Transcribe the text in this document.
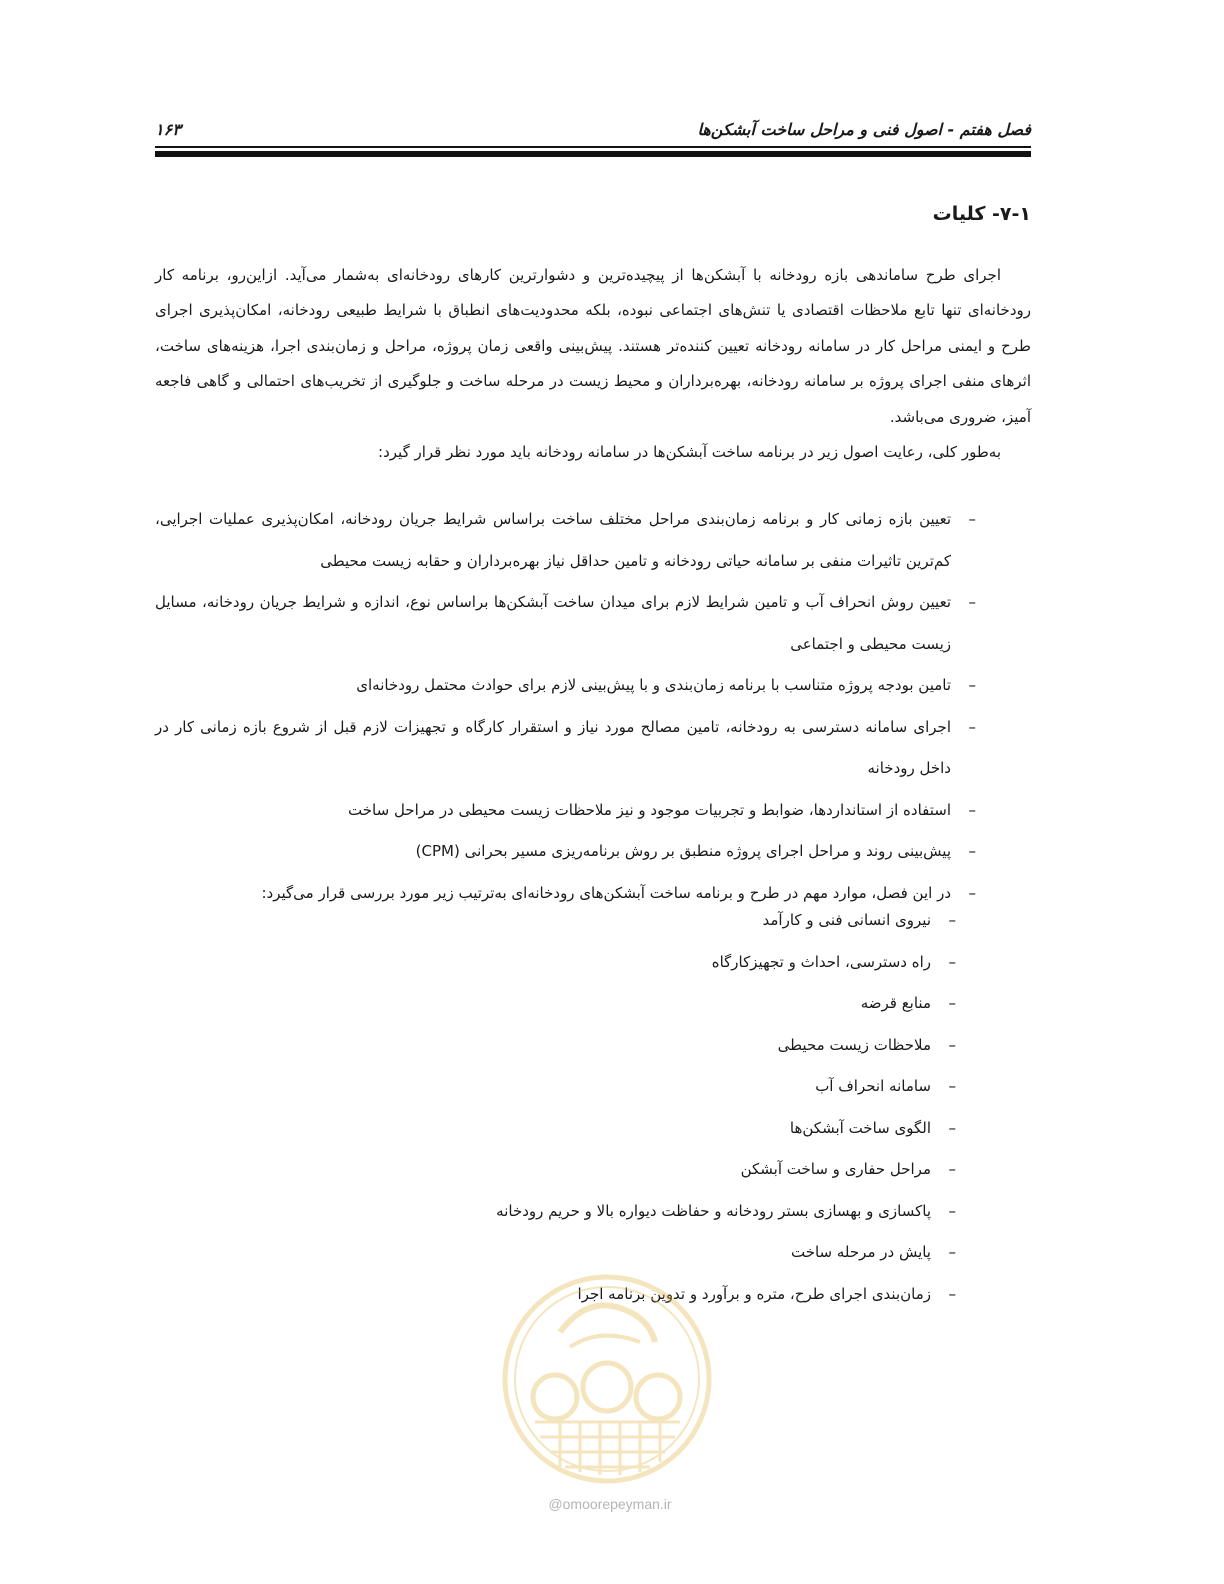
فصل هفتم - اصول فنی و مراحل ساخت آبشکن‌ها
۱۶۳
۷-۱- کلیات

اجرای طرح ساماندهی بازه رودخانه با آبشکن‌ها از پیچیده‌ترین و دشوارترین کارهای رودخانه‌ای به‌شمار می‌آید. ازاین‌رو، برنامه کار رودخانه‌ای تنها تابع ملاحظات اقتصادی یا تنش‌های اجتماعی نبوده، بلکه محدودیت‌های انطباق با شرایط طبیعی رودخانه، امکان‌پذیری اجرای طرح و ایمنی مراحل کار در سامانه رودخانه تعیین کننده‌تر هستند. پیش‌بینی واقعی زمان پروژه، مراحل و زمان‌بندی اجرا، هزینه‌های ساخت، اثرهای منفی اجرای پروژه بر سامانه رودخانه، بهره‌برداران و محیط زیست در مرحله ساخت و جلوگیری از تخریب‌های احتمالی و گاهی فاجعه آمیز، ضروری می‌باشد.

به‌طور کلی، رعایت اصول زیر در برنامه ساخت آبشکن‌ها در سامانه رودخانه باید مورد نظر قرار گیرد:

–
تعیین بازه زمانی کار و برنامه زمان‌بندی مراحل مختلف ساخت براساس شرایط جریان رودخانه، امکان‌پذیری عملیات اجرایی، کم‌ترین تاثیرات منفی بر سامانه حیاتی رودخانه و تامین حداقل نیاز بهره‌برداران و حقابه زیست محیطی
–
تعیین روش انحراف آب و تامین شرایط لازم برای میدان ساخت آبشکن‌ها براساس نوع، اندازه و شرایط جریان رودخانه، مسایل زیست محیطی و اجتماعی
–
تامین بودجه پروژه متناسب با برنامه زمان‌بندی و با پیش‌بینی لازم برای حوادث محتمل رودخانه‌ای
–
اجرای سامانه دسترسی به رودخانه، تامین مصالح مورد نیاز و استقرار کارگاه و تجهیزات لازم قبل از شروع بازه زمانی کار در داخل رودخانه
–
استفاده از استانداردها، ضوابط و تجربیات موجود و نیز ملاحظات زیست محیطی در مراحل ساخت
–
پیش‌بینی روند و مراحل اجرای پروژه منطبق بر روش برنامه‌ریزی مسیر بحرانی (CPM)
–
در این فصل، موارد مهم در طرح و برنامه ساخت آبشکن‌های رودخانه‌ای به‌ترتیب زیر مورد بررسی قرار می‌گیرد:
–
نیروی انسانی فنی و کارآمد
–
راه دسترسی، احداث و تجهیزکارگاه
–
منابع قرضه
–
ملاحظات زیست محیطی
–
سامانه انحراف آب
–
الگوی ساخت آبشکن‌ها
–
مراحل حفاری و ساخت آبشکن
–
پاکسازی و بهسازی بستر رودخانه و حفاظت دیواره بالا و حریم رودخانه
–
پایش در مرحله ساخت
–
زمان‌بندی اجرای طرح، متره و برآورد و تدوین برنامه اجرا
@omoorepeyman.ir
